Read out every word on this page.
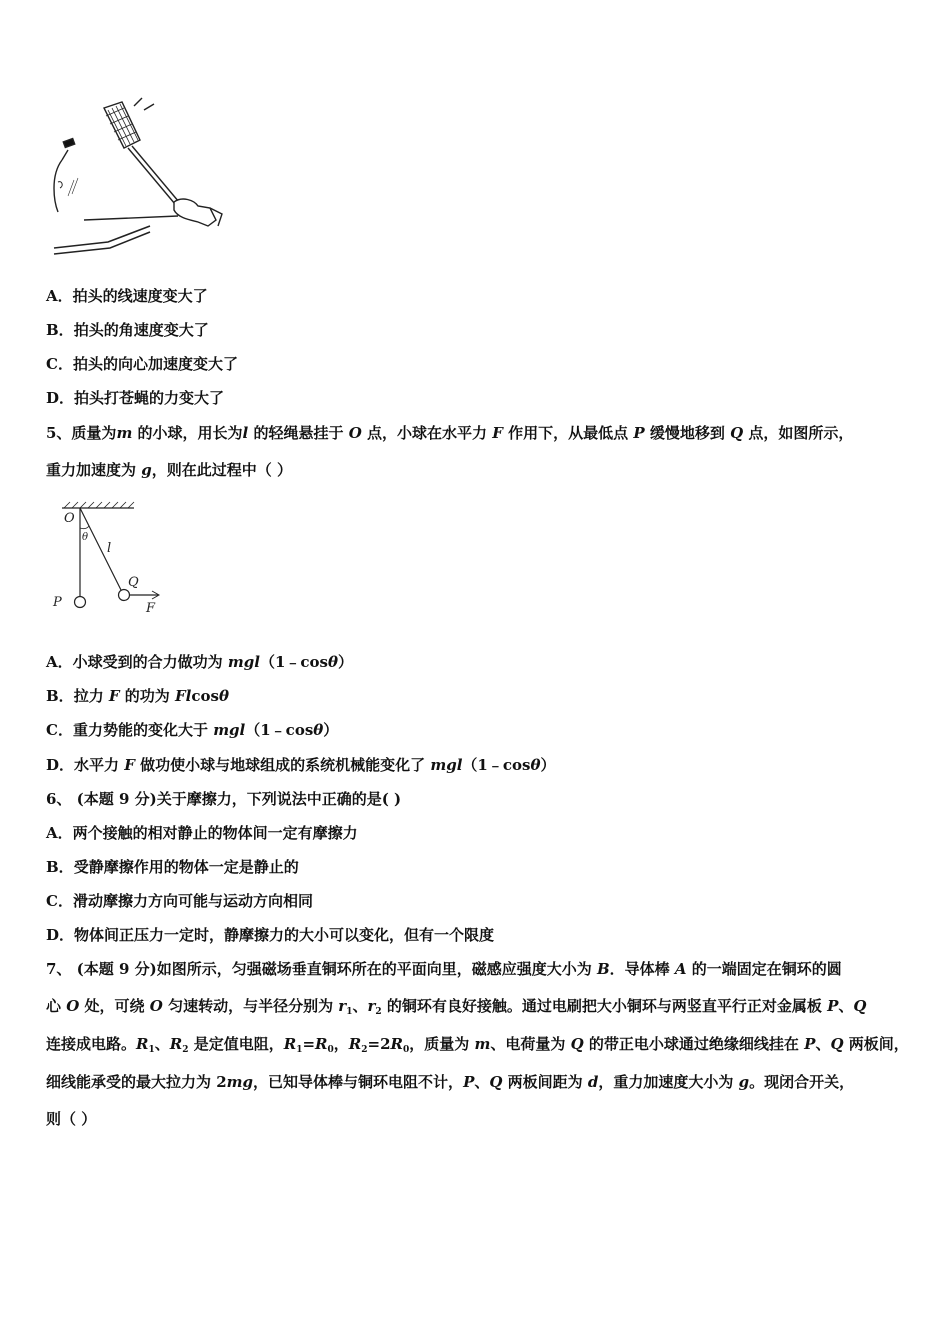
A．拍头的线速度变大了
B．拍头的角速度变大了
C．拍头的向心加速度变大了
D．拍头打苍蝇的力变大了
5、质量为m 的小球，用长为l 的轻绳悬挂于 O 点，小球在水平力 F 作用下，从最低点 P 缓慢地移到 Q 点，如图所示，
重力加速度为 g，则在此过程中（ ）
O
θ
l
P
Q
F
A．小球受到的合力做功为 mgl（1﹣cosθ）
B．拉力 F 的功为 Flcosθ
C．重力势能的变化大于 mgl（1﹣cosθ）
D．水平力 F 做功使小球与地球组成的系统机械能变化了 mgl（1﹣cosθ）
6、 (本题 9 分)关于摩擦力，下列说法中正确的是( )
A．两个接触的相对静止的物体间一定有摩擦力
B．受静摩擦作用的物体一定是静止的
C．滑动摩擦力方向可能与运动方向相同
D．物体间正压力一定时，静摩擦力的大小可以变化，但有一个限度
7、 (本题 9 分)如图所示，匀强磁场垂直铜环所在的平面向里，磁感应强度大小为 B．导体棒 A 的一端固定在铜环的圆
心 O 处，可绕 O 匀速转动，与半径分别为 $r_1$、$r_2$ 的铜环有良好接触。通过电刷把大小铜环与两竖直平行正对金属板 P、Q
连接成电路。$R_1$、$R_2$ 是定值电阻，$R_1=R_0$，$R_2=2R_0$，质量为 m、电荷量为 Q 的带正电小球通过绝缘细线挂在 P、Q 两板间，
细线能承受的最大拉力为 2mg，已知导体棒与铜环电阻不计，P、Q 两板间距为 d，重力加速度大小为 g。现闭合开关，
则（ ）
